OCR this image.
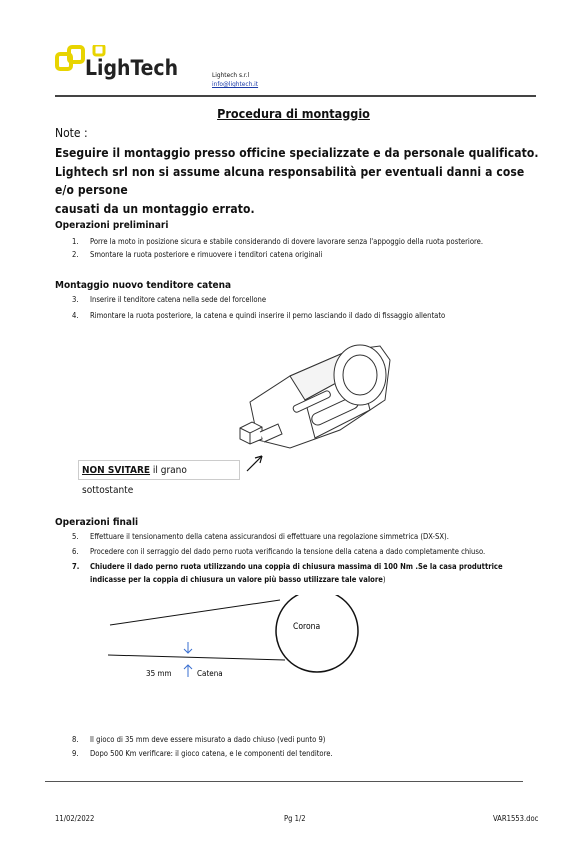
LighTech	Lightech s.r.l
info@lightech.it
Procedura di montaggio
Note :
Eseguire il montaggio presso officine specializzate e da personale qualificato.
Lightech srl non si assume alcuna responsabilità per eventuali danni a cose e/o persone
causati da un montaggio errato.
Operazioni preliminari
1. Porre la moto in posizione sicura e stabile considerando di dovere lavorare senza l'appoggio della ruota posteriore.
2. Smontare la ruota posteriore e rimuovere i tenditori catena originali
Montaggio nuovo tenditore catena
3. Inserire il tenditore catena nella sede del forcellone
4. Rimontare la ruota posteriore, la catena e quindi inserire il perno lasciando il dado di fissaggio allentato
NON SVITARE il grano sottostante
Operazioni finali
5. Effettuare il tensionamento della catena assicurandosi di effettuare una regolazione simmetrica (DX-SX).
6. Procedere con il serraggio del dado perno ruota verificando la tensione della catena a dado completamente chiuso.
7. Chiudere il dado perno ruota utilizzando una coppia di chiusura massima di 100 Nm .Se la casa produttrice
indicasse per la coppia di chiusura un valore più basso utilizzare tale valore)
Corona
35 mm	Catena
8. Il gioco di 35 mm deve essere misurato a dado chiuso (vedi punto 9)
9. Dopo 500 Km verificare: il gioco catena, e le componenti del tenditore.
11/02/2022	Pg 1/2	VAR1553.doc
